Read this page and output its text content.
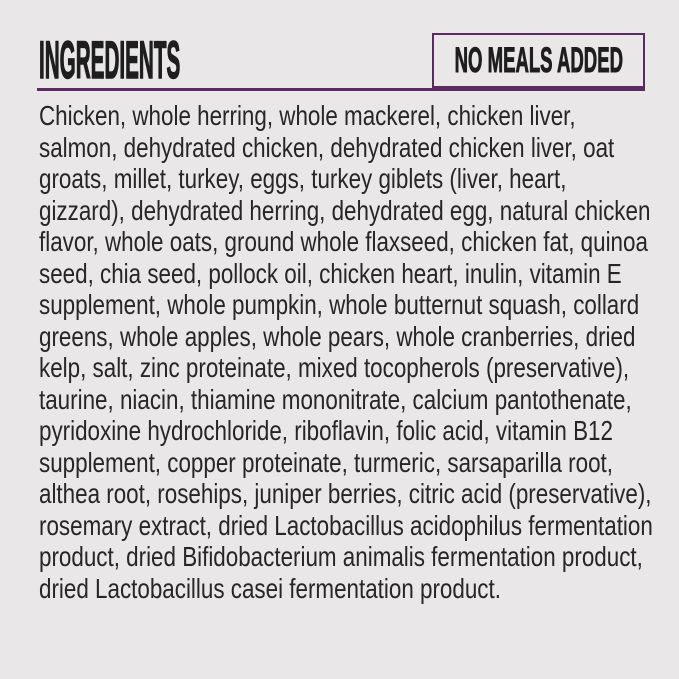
INGREDIENTS	NO MEALS ADDED
Chicken, whole herring, whole mackerel, chicken liver,
salmon, dehydrated chicken, dehydrated chicken liver, oat
groats, millet, turkey, eggs, turkey giblets (liver, heart,
gizzard), dehydrated herring, dehydrated egg, natural chicken
flavor, whole oats, ground whole flaxseed, chicken fat, quinoa
seed, chia seed, pollock oil, chicken heart, inulin, vitamin E
supplement, whole pumpkin, whole butternut squash, collard
greens, whole apples, whole pears, whole cranberries, dried
kelp, salt, zinc proteinate, mixed tocopherols (preservative),
taurine, niacin, thiamine mononitrate, calcium pantothenate,
pyridoxine hydrochloride, riboflavin, folic acid, vitamin B12
supplement, copper proteinate, turmeric, sarsaparilla root,
althea root, rosehips, juniper berries, citric acid (preservative),
rosemary extract, dried Lactobacillus acidophilus fermentation
product, dried Bifidobacterium animalis fermentation product,
dried Lactobacillus casei fermentation product.
